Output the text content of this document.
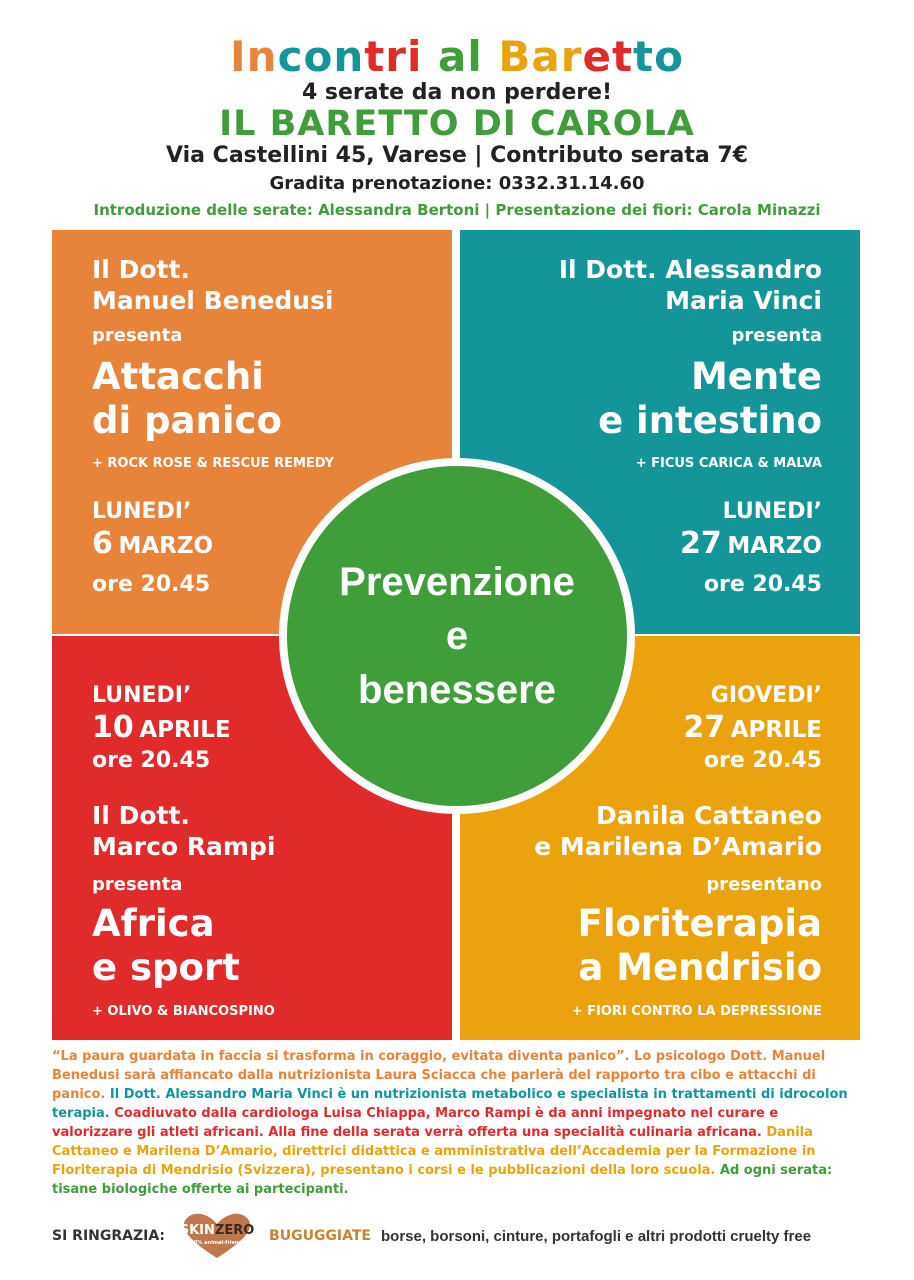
Incontri al Baretto
4 serate da non perdere!
IL BARETTO DI CAROLA
Via Castellini 45, Varese | Contributo serata 7€
Gradita prenotazione: 0332.31.14.60
Introduzione delle serate: Alessandra Bertoni | Presentazione dei fiori: Carola Minazzi
Il Dott.
Manuel Benedusi
presenta
Attacchi
di panico
+ ROCK ROSE & RESCUE REMEDY
LUNEDI’
6 MARZO
ore 20.45
Il Dott. Alessandro
Maria Vinci
presenta
Mente
e intestino
+ FICUS CARICA & MALVA
LUNEDI’
27 MARZO
ore 20.45
LUNEDI’
10 APRILE
ore 20.45
Il Dott.
Marco Rampi
presenta
Africa
e sport
+ OLIVO & BIANCOSPINO
GIOVEDI’
27 APRILE
ore 20.45
Danila Cattaneo
e Marilena D’Amario
presentano
Floriterapia
a Mendrisio
+ FIORI CONTRO LA DEPRESSIONE
Prevenzione
e
benessere
“La paura guardata in faccia si trasforma in coraggio, evitata diventa panico”. Lo psicologo Dott. Manuel Benedusi sarà affiancato dalla nutrizionista Laura Sciacca che parlerà del rapporto tra cibo e attacchi di panico. Il Dott. Alessandro Maria Vinci è un nutrizionista metabolico e specialista in trattamenti di idrocolon terapia. Coadiuvato dalla cardiologa Luisa Chiappa, Marco Rampi è da anni impegnato nel curare e valorizzare gli atleti africani. Alla fine della serata verrà offerta una specialità culinaria africana. Danila Cattaneo e Marilena D’Amario, direttrici didattica e amministrativa dell’Accademia per la Formazione in Floriterapia di Mendrisio (Svizzera), presentano i corsi e le pubblicazioni della loro scuola. Ad ogni serata: tisane biologiche offerte ai partecipanti.
SI RINGRAZIA: SKINZERO
100% animal-friendly BUGUGGIATE borse, borsoni, cinture, portafogli e altri prodotti cruelty free
